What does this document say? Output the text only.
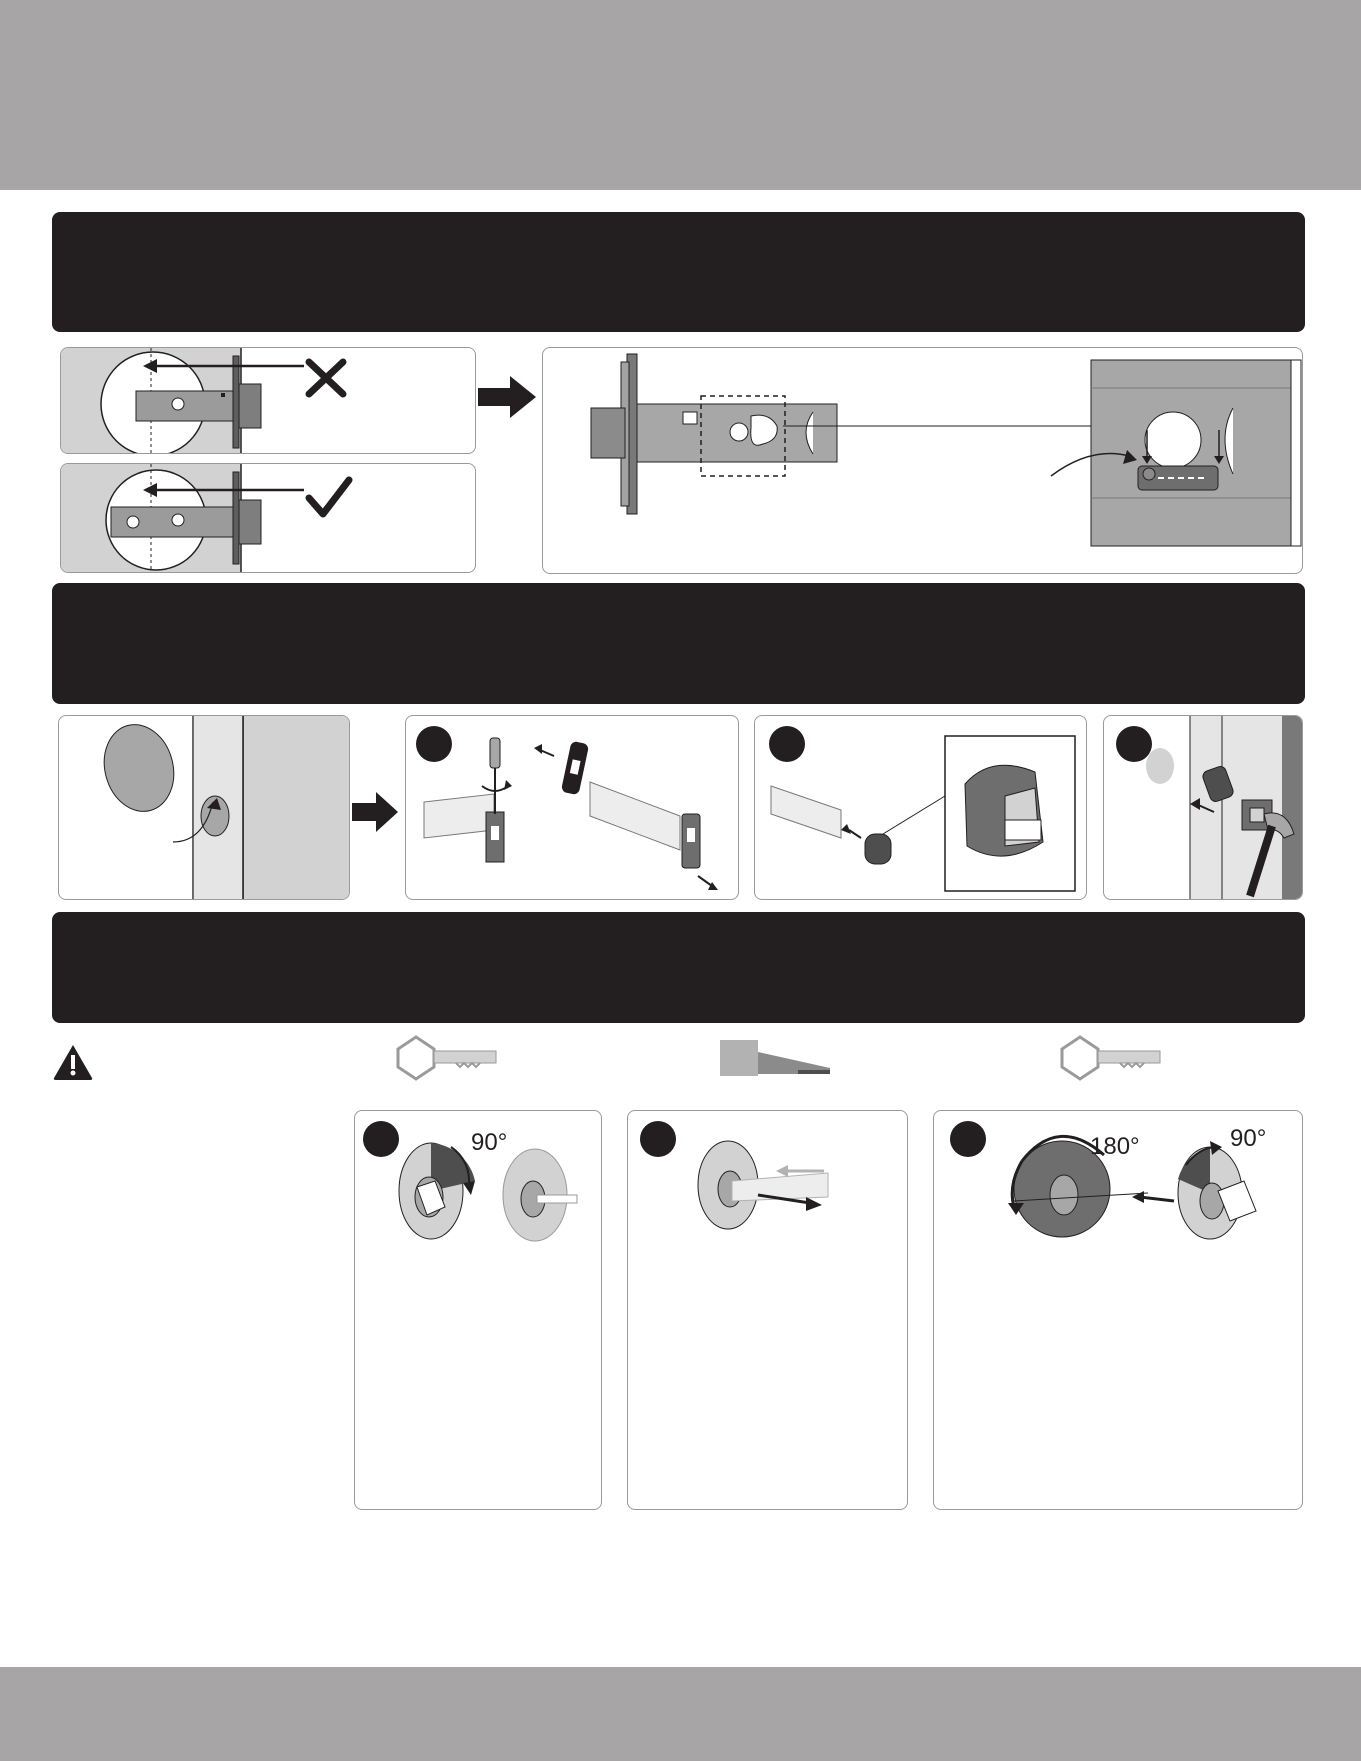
90°	180°	90°
